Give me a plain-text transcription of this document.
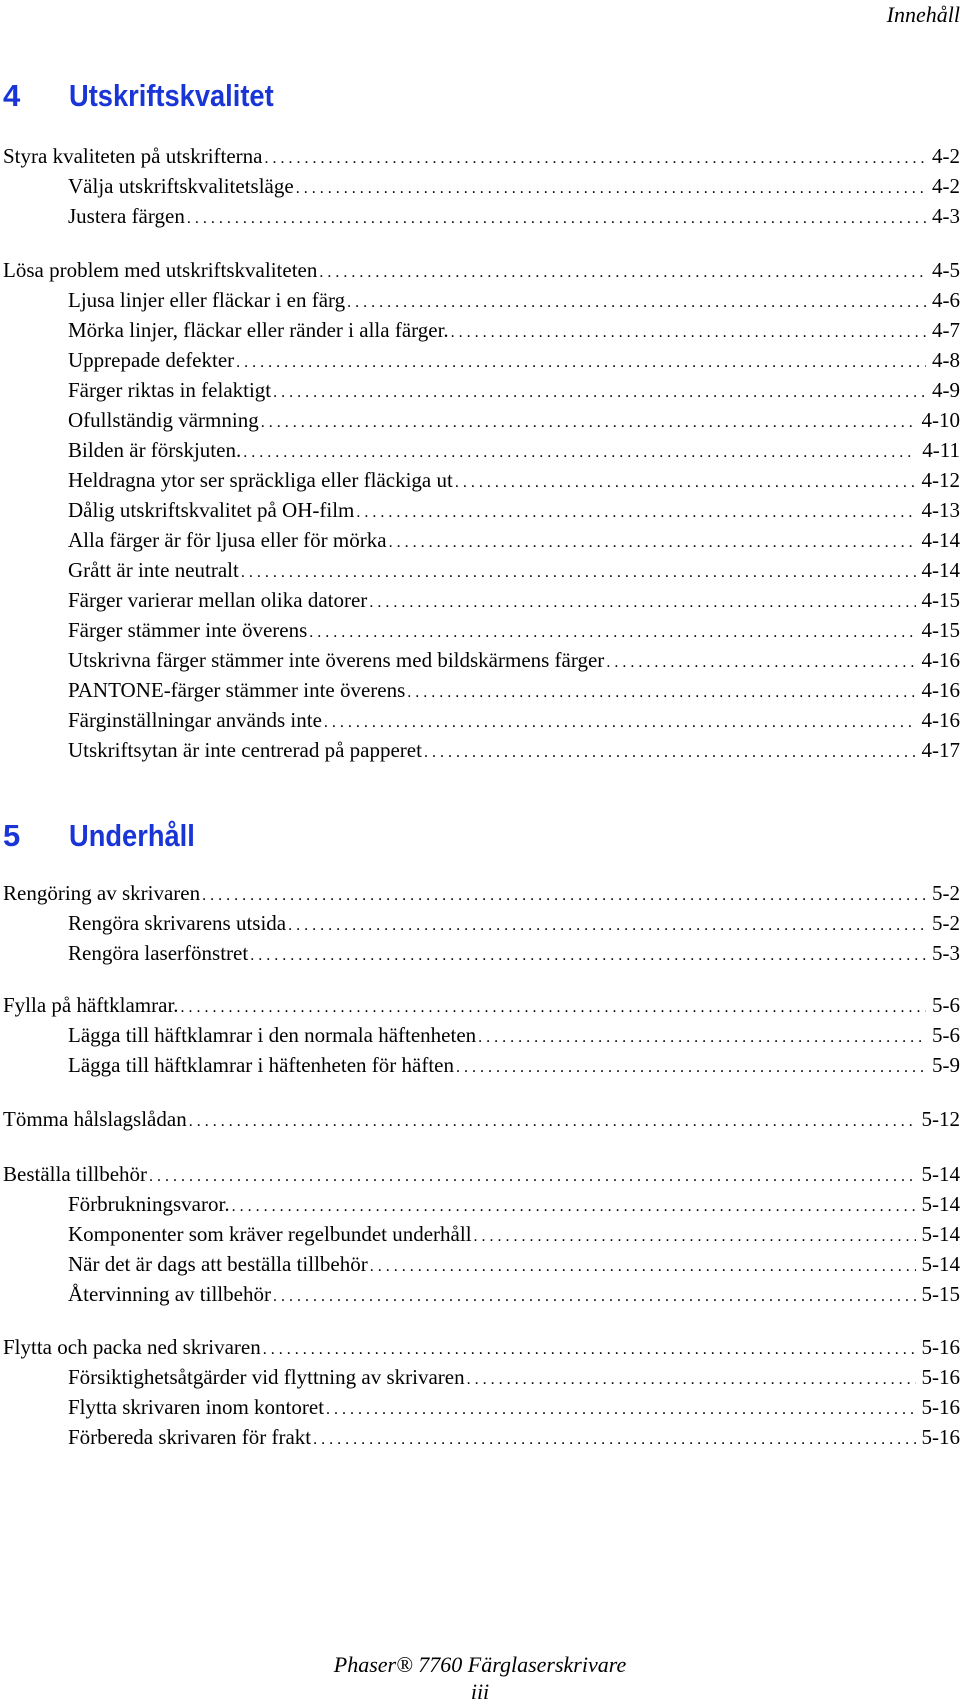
Innehåll
4	Utskriftskvalitet
Styra kvaliteten på utskrifterna . . .	4-2
Välja utskriftskvalitetsläge . . .	4-2
Justera färgen . . .	4-3
Lösa problem med utskriftskvaliteten . . .	4-5
Ljusa linjer eller fläckar i en färg . . .	4-6
Mörka linjer, fläckar eller ränder i alla färger. . . .	4-7
Upprepade defekter . . .	4-8
Färger riktas in felaktigt . . .	4-9
Ofullständig värmning . . .	4-10
Bilden är förskjuten. . . .	4-11
Heldragna ytor ser spräckliga eller fläckiga ut . . .	4-12
Dålig utskriftskvalitet på OH-film . . .	4-13
Alla färger är för ljusa eller för mörka . . .	4-14
Grått är inte neutralt . . .	4-14
Färger varierar mellan olika datorer . . .	4-15
Färger stämmer inte överens . . .	4-15
Utskrivna färger stämmer inte överens med bildskärmens färger . . .	4-16
PANTONE-färger stämmer inte överens . . .	4-16
Färginställningar används inte . . .	4-16
Utskriftsytan är inte centrerad på papperet . . .	4-17
5	Underhåll
Rengöring av skrivaren . . .	5-2
Rengöra skrivarens utsida . . .	5-2
Rengöra laserfönstret . . .	5-3
Fylla på häftklamrar. . . .	5-6
Lägga till häftklamrar i den normala häftenheten . . .	5-6
Lägga till häftklamrar i häftenheten för häften . . .	5-9
Tömma hålslagslådan . . .	5-12
Beställa tillbehör . . .	5-14
Förbrukningsvaror. . . .	5-14
Komponenter som kräver regelbundet underhåll . . .	5-14
När det är dags att beställa tillbehör . . .	5-14
Återvinning av tillbehör . . .	5-15
Flytta och packa ned skrivaren . . .	5-16
Försiktighetsåtgärder vid flyttning av skrivaren . . .	5-16
Flytta skrivaren inom kontoret . . .	5-16
Förbereda skrivaren för frakt . . .	5-16
Phaser® 7760 Färglaserskrivare
iii
